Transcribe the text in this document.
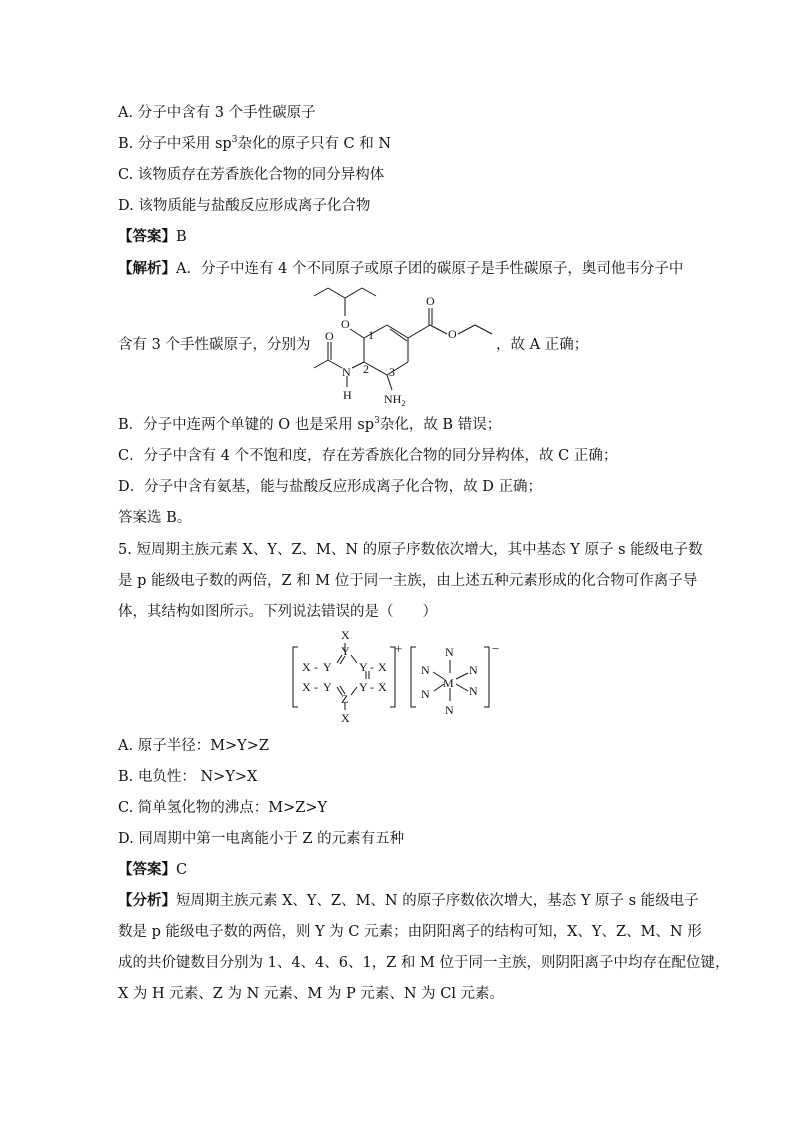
A. 分子中含有 3 个手性碳原子
B. 分子中采用 $sp^3$杂化的原子只有 C 和 N
C. 该物质存在芳香族化合物的同分异构体
D. 该物质能与盐酸反应形成离子化合物
【答案】B
【解析】A．分子中连有 4 个不同原子或原子团的碳原子是手性碳原子，奥司他韦分子中
含有 3 个手性碳原子，分别为
O
O
O
O
N
H
1
2 3
$NH_2$
，故 A 正确；
B．分子中连两个单键的 O 也是采用 $sp^3$杂化，故 B 错误；
C．分子中含有 4 个不饱和度，存在芳香族化合物的同分异构体，故 C 正确；
D．分子中含有氨基，能与盐酸反应形成离子化合物，故 D 正确；
答案选 B。
5. 短周期主族元素 X、Y、Z、M、N 的原子序数依次增大，其中基态 Y 原子 s 能级电子数
是 p 能级电子数的两倍，Z 和 M 位于同一主族，由上述五种元素形成的化合物可作离子导
体，其结构如图所示。下列说法错误的是（　　）
X
Y
X - Y Y - X
X - Y Y - X
Z
X
+	N
N	N
M
N	N
N
−
A. 原子半径：M>Y>Z
B. 电负性： N>Y>X
C. 简单氢化物的沸点：M>Z>Y
D. 同周期中第一电离能小于 Z 的元素有五种
【答案】C
【分析】短周期主族元素 X、Y、Z、M、N 的原子序数依次增大，基态 Y 原子 s 能级电子
数是 p 能级电子数的两倍，则 Y 为 C 元素；由阴阳离子的结构可知，X、Y、Z、M、N 形
成的共价键数目分别为 1、4、4、6、1，Z 和 M 位于同一主族，则阴阳离子中均存在配位键，
X 为 H 元素、Z 为 N 元素、M 为 P 元素、N 为 Cl 元素。
